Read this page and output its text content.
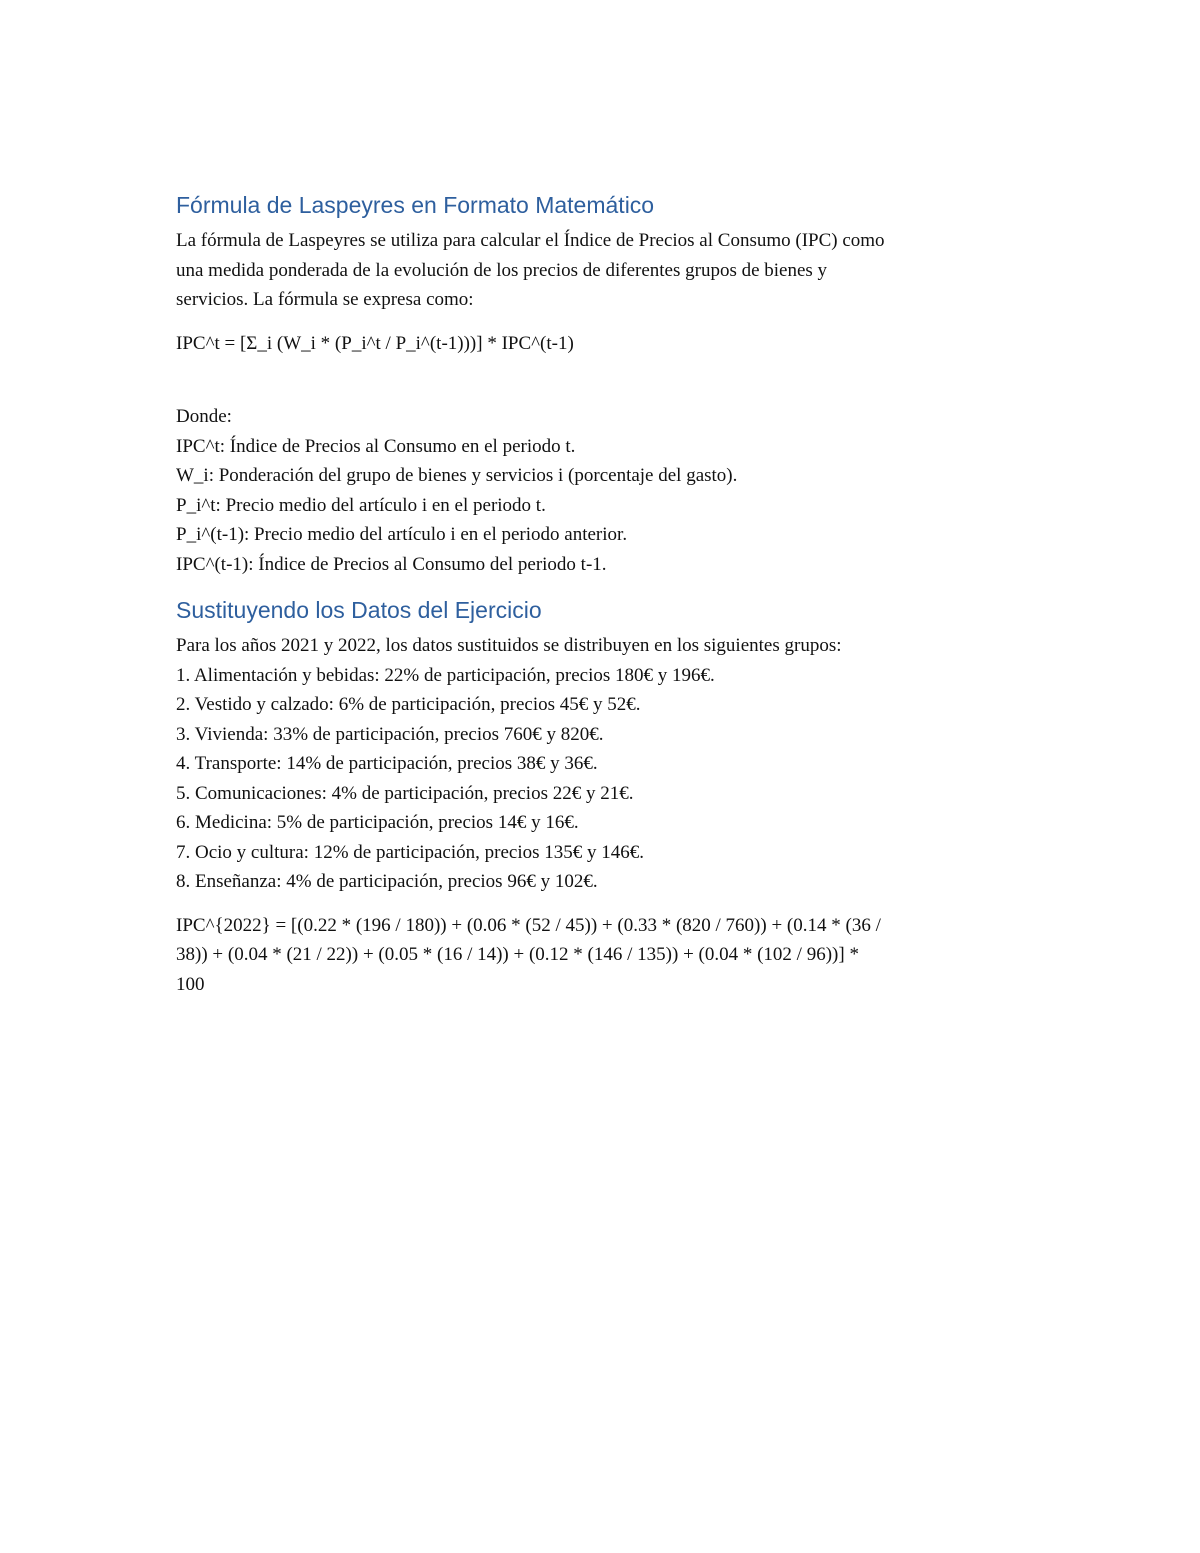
Fórmula de Laspeyres en Formato Matemático

La fórmula de Laspeyres se utiliza para calcular el Índice de Precios al Consumo (IPC) como
una medida ponderada de la evolución de los precios de diferentes grupos de bienes y
servicios. La fórmula se expresa como:

IPC^t = [Σ_i (W_i * (P_i^t / P_i^(t-1)))] * IPC^(t-1)

Donde:
IPC^t: Índice de Precios al Consumo en el periodo t.
W_i: Ponderación del grupo de bienes y servicios i (porcentaje del gasto).
P_i^t: Precio medio del artículo i en el periodo t.
P_i^(t-1): Precio medio del artículo i en el periodo anterior.
IPC^(t-1): Índice de Precios al Consumo del periodo t-1.
Sustituyendo los Datos del Ejercicio
Para los años 2021 y 2022, los datos sustituidos se distribuyen en los siguientes grupos:
1. Alimentación y bebidas: 22% de participación, precios 180€ y 196€.
2. Vestido y calzado: 6% de participación, precios 45€ y 52€.
3. Vivienda: 33% de participación, precios 760€ y 820€.
4. Transporte: 14% de participación, precios 38€ y 36€.
5. Comunicaciones: 4% de participación, precios 22€ y 21€.
6. Medicina: 5% de participación, precios 14€ y 16€.
7. Ocio y cultura: 12% de participación, precios 135€ y 146€.
8. Enseñanza: 4% de participación, precios 96€ y 102€.

IPC^{2022} = [(0.22 * (196 / 180)) + (0.06 * (52 / 45)) + (0.33 * (820 / 760)) + (0.14 * (36 /
38)) + (0.04 * (21 / 22)) + (0.05 * (16 / 14)) + (0.12 * (146 / 135)) + (0.04 * (102 / 96))] *
100
